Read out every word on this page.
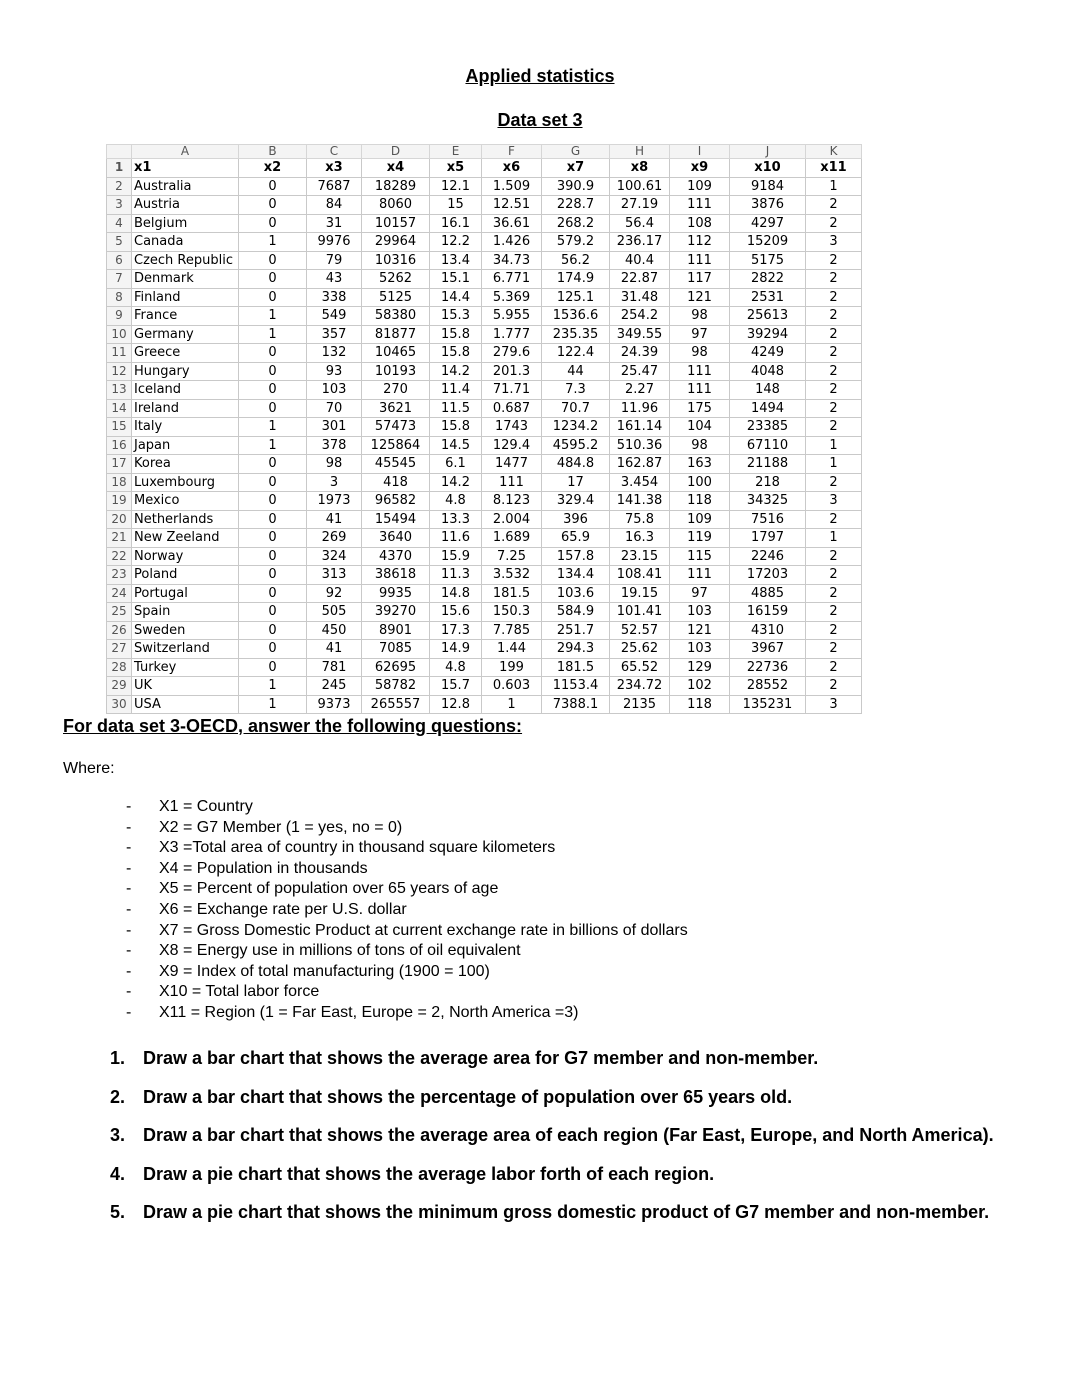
Applied statistics
Data set 3
	A	B	C	D	E	F	G	H	I	J	K
1	x1	x2	x3	x4	x5	x6	x7	x8	x9	x10	x11
2	Australia	0	7687	18289	12.1	1.509	390.9	100.61	109	9184	1
3	Austria	0	84	8060	15	12.51	228.7	27.19	111	3876	2
4	Belgium	0	31	10157	16.1	36.61	268.2	56.4	108	4297	2
5	Canada	1	9976	29964	12.2	1.426	579.2	236.17	112	15209	3
6	Czech Republic	0	79	10316	13.4	34.73	56.2	40.4	111	5175	2
7	Denmark	0	43	5262	15.1	6.771	174.9	22.87	117	2822	2
8	Finland	0	338	5125	14.4	5.369	125.1	31.48	121	2531	2
9	France	1	549	58380	15.3	5.955	1536.6	254.2	98	25613	2
10	Germany	1	357	81877	15.8	1.777	235.35	349.55	97	39294	2
11	Greece	0	132	10465	15.8	279.6	122.4	24.39	98	4249	2
12	Hungary	0	93	10193	14.2	201.3	44	25.47	111	4048	2
13	Iceland	0	103	270	11.4	71.71	7.3	2.27	111	148	2
14	Ireland	0	70	3621	11.5	0.687	70.7	11.96	175	1494	2
15	Italy	1	301	57473	15.8	1743	1234.2	161.14	104	23385	2
16	Japan	1	378	125864	14.5	129.4	4595.2	510.36	98	67110	1
17	Korea	0	98	45545	6.1	1477	484.8	162.87	163	21188	1
18	Luxembourg	0	3	418	14.2	111	17	3.454	100	218	2
19	Mexico	0	1973	96582	4.8	8.123	329.4	141.38	118	34325	3
20	Netherlands	0	41	15494	13.3	2.004	396	75.8	109	7516	2
21	New Zeeland	0	269	3640	11.6	1.689	65.9	16.3	119	1797	1
22	Norway	0	324	4370	15.9	7.25	157.8	23.15	115	2246	2
23	Poland	0	313	38618	11.3	3.532	134.4	108.41	111	17203	2
24	Portugal	0	92	9935	14.8	181.5	103.6	19.15	97	4885	2
25	Spain	0	505	39270	15.6	150.3	584.9	101.41	103	16159	2
26	Sweden	0	450	8901	17.3	7.785	251.7	52.57	121	4310	2
27	Switzerland	0	41	7085	14.9	1.44	294.3	25.62	103	3967	2
28	Turkey	0	781	62695	4.8	199	181.5	65.52	129	22736	2
29	UK	1	245	58782	15.7	0.603	1153.4	234.72	102	28552	2
30	USA	1	9373	265557	12.8	1	7388.1	2135	118	135231	3
For data set 3-OECD, answer the following questions:
Where:
- X1 = Country
- X2 = G7 Member (1 = yes, no = 0)
- X3 =Total area of country in thousand square kilometers
- X4 = Population in thousands
- X5 = Percent of population over 65 years of age
- X6 = Exchange rate per U.S. dollar
- X7 = Gross Domestic Product at current exchange rate in billions of dollars
- X8 = Energy use in millions of tons of oil equivalent
- X9 = Index of total manufacturing (1900 = 100)
- X10 = Total labor force
- X11 = Region (1 = Far East, Europe = 2, North America =3)
1. Draw a bar chart that shows the average area for G7 member and non-member.
2. Draw a bar chart that shows the percentage of population over 65 years old.
3. Draw a bar chart that shows the average area of each region (Far East, Europe, and North America).
4. Draw a pie chart that shows the average labor forth of each region.
5. Draw a pie chart that shows the minimum gross domestic product of G7 member and non-member.
